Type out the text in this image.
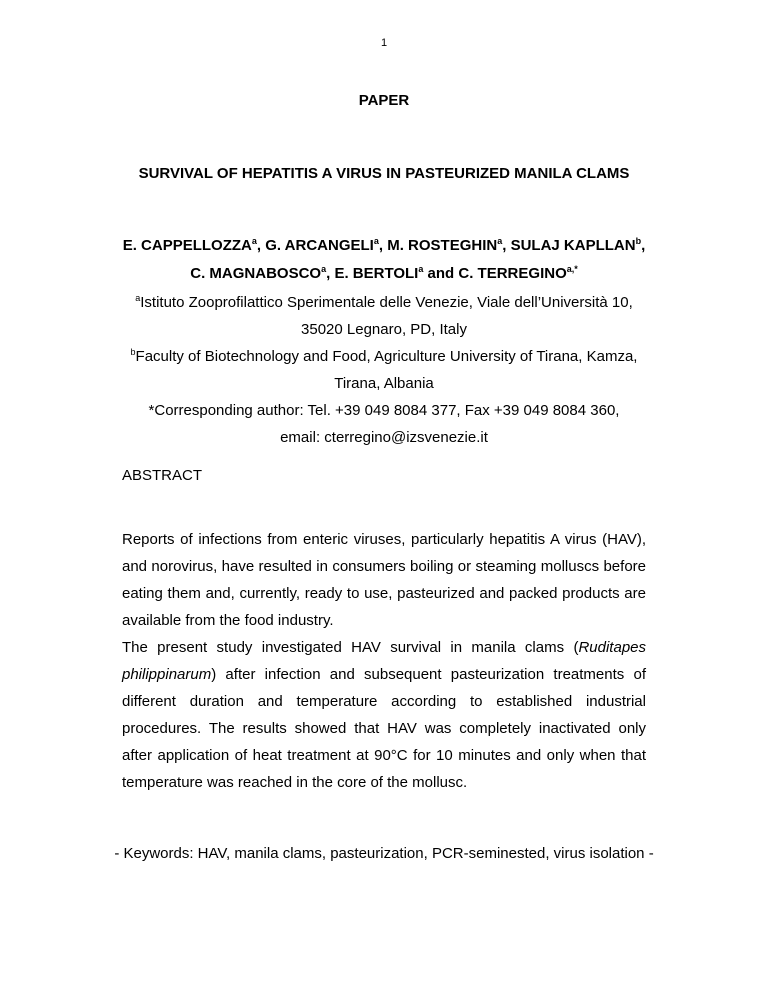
1
PAPER
SURVIVAL OF HEPATITIS A VIRUS IN PASTEURIZED MANILA CLAMS
E. CAPPELLOZZA$^a$, G. ARCANGELI$^a$, M. ROSTEGHIN$^a$, SULAJ KAPLLAN$^b$, C. MAGNABOSCO$^a$, E. BERTOLI$^a$ and C. $TERREGINO^{a,*}$
$^a$Istituto Zooprofilattico Sperimentale delle Venezie, Viale dell’Università 10, 35020 Legnaro, PD, Italy
$^b$Faculty of Biotechnology and Food, Agriculture University of Tirana, Kamza, Tirana, Albania
*Corresponding author: Tel. +39 049 8084 377, Fax +39 049 8084 360,
email: cterregino@izsvenezie.it
ABSTRACT

Reports of infections from enteric viruses, particularly hepatitis A virus (HAV), and norovirus, have resulted in consumers boiling or steaming molluscs before eating them and, currently, ready to use, pasteurized and packed products are available from the food industry.

The present study investigated HAV survival in manila clams (Ruditapes philippinarum) after infection and subsequent pasteurization treatments of different duration and temperature according to established industrial procedures. The results showed that HAV was completely inactivated only after application of heat treatment at 90°C for 10 minutes and only when that temperature was reached in the core of the mollusc.

- Keywords: HAV, manila clams, pasteurization, PCR-seminested, virus isolation -
